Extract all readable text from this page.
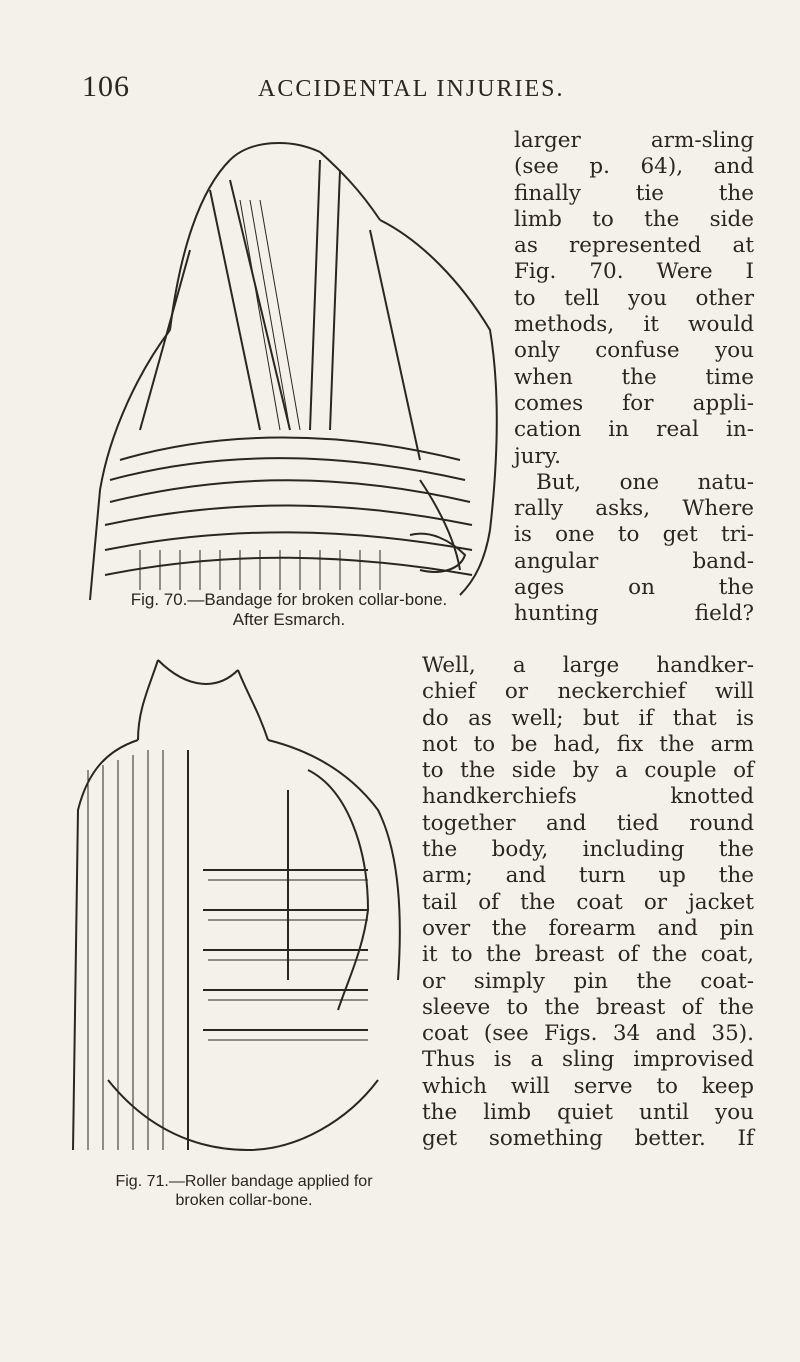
106	ACCIDENTAL INJURIES.
Fig. 70.—Bandage for broken collar-bone.
After Esmarch.
Fig. 71.—Roller bandage applied for
broken collar-bone.
larger arm-sling
(see p. 64), and
finally tie the
limb to the side
as represented at
Fig. 70. Were I
to tell you other
methods, it would
only confuse you
when the time
comes for appli-
cation in real in-
jury.
But, one natu-
rally asks, Where
is one to get tri-
angular band-
ages on the
hunting field?
Well, a large handker-
chief or neckerchief will
do as well; but if that is
not to be had, fix the arm
to the side by a couple of
handkerchiefs knotted
together and tied round
the body, including the
arm; and turn up the
tail of the coat or jacket
over the forearm and pin
it to the breast of the coat,
or simply pin the coat-
sleeve to the breast of the
coat (see Figs. 34 and 35).
Thus is a sling improvised
which will serve to keep
the limb quiet until you
get something better. If
